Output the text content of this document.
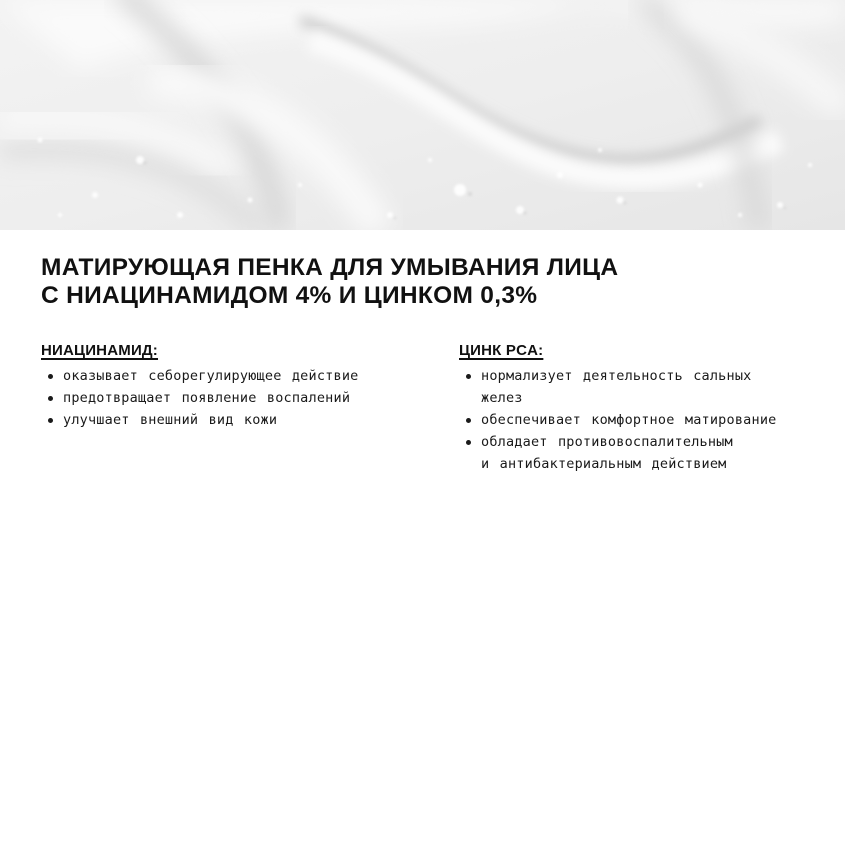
МАТИРУЮЩАЯ ПЕНКА ДЛЯ УМЫВАНИЯ ЛИЦА
С НИАЦИНАМИДОМ 4% И ЦИНКОМ 0,3%
НИАЦИНАМИД:
оказывает себорегулирующее действие
предотвращает появление воспалений
улучшает внешний вид кожи
ЦИНК PCA:
нормализует деятельность сальных
желез
обеспечивает комфортное матирование
обладает противовоспалительным
и антибактериальным действием
